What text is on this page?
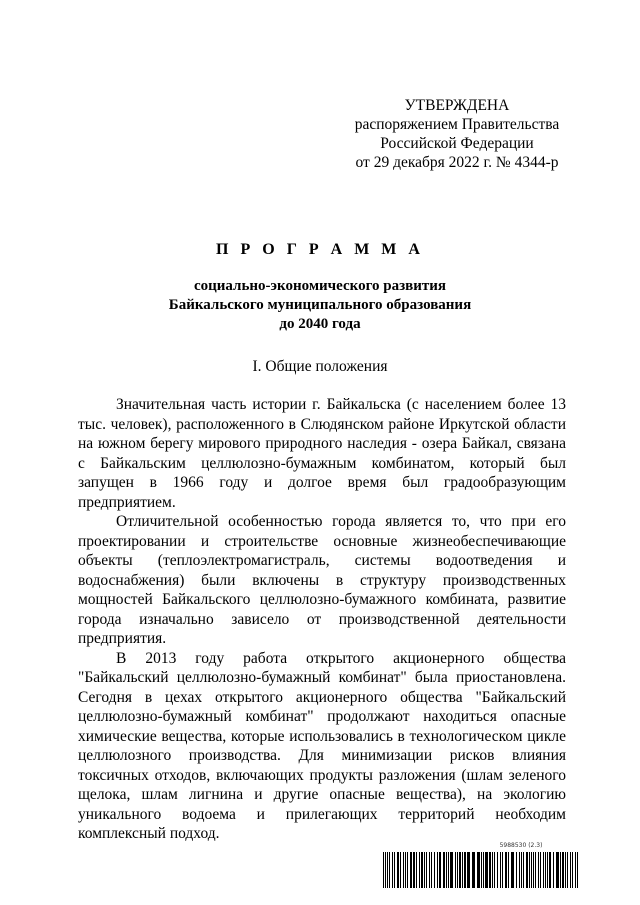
УТВЕРЖДЕНА
распоряжением Правительства
Российской Федерации
от 29 декабря 2022 г. № 4344-р
П Р О Г Р А М М А
социально-экономического развития
Байкальского муниципального образования
до 2040 года
I. Общие положения

Значительная часть истории г. Байкальска (с населением более 13 тыс. человек), расположенного в Слюдянском районе Иркутской области на южном берегу мирового природного наследия - озера Байкал, связана с Байкальским целлюлозно-бумажным комбинатом, который был запущен в 1966 году и долгое время был градообразующим предприятием.

Отличительной особенностью города является то, что при его проектировании и строительстве основные жизнеобеспечивающие объекты (теплоэлектромагистраль, системы водоотведения и водоснабжения) были включены в структуру производственных мощностей Байкальского целлюлозно-бумажного комбината, развитие города изначально зависело от производственной деятельности предприятия.

В 2013 году работа открытого акционерного общества "Байкальский целлюлозно-бумажный комбинат" была приостановлена. Сегодня в цехах открытого акционерного общества "Байкальский целлюлозно-бумажный комбинат" продолжают находиться опасные химические вещества, которые использовались в технологическом цикле целлюлозного производства. Для минимизации рисков влияния токсичных отходов, включающих продукты разложения (шлам зеленого щелока, шлам лигнина и другие опасные вещества), на экологию уникального водоема и прилегающих территорий необходим комплексный подход.

5988530 (2.3)
